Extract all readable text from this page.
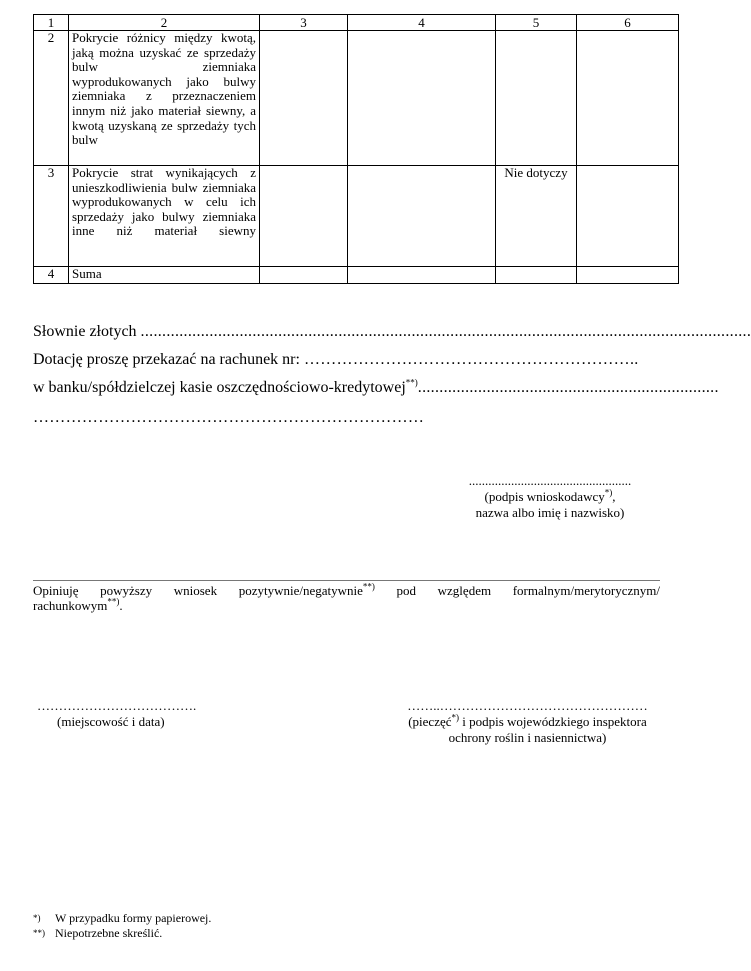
1	2	3	4	5	6
2	Pokrycie różnicy między kwotą, jaką można uzyskać ze sprzedaży bulw ziemniaka wyprodukowanych jako bulwy ziemniaka z przeznaczeniem innym niż jako materiał siewny, a kwotą uzyskaną ze sprzedaży tych bulw				
3	Pokrycie strat wynikających z unieszkodliwienia bulw ziemniaka wyprodukowanych w celu ich sprzedaży jako bulwy ziemniaka inne niż materiał siewny			Nie dotyczy	
4	Suma				
Słownie złotych ..............................................................................................................................................
Dotację proszę przekazać na rachunek nr: ……………………………………………………..
w banku/spółdzielczej kasie oszczędnościowo-kredytowej**)......................................................................
………………………………………………………………
..................................................
(podpis wnioskodawcy*),
nazwa albo imię i nazwisko)
Opiniuję powyższy wniosek pozytywnie/negatywnie**) pod względem formalnym/merytorycznym/
rachunkowym**).
……………………………….
(miejscowość i data)
……..…………………………………………
(pieczęć*) i podpis wojewódzkiego inspektora
ochrony roślin i nasiennictwa)
*)	W przypadku formy papierowej.
**) Niepotrzebne skreślić.
